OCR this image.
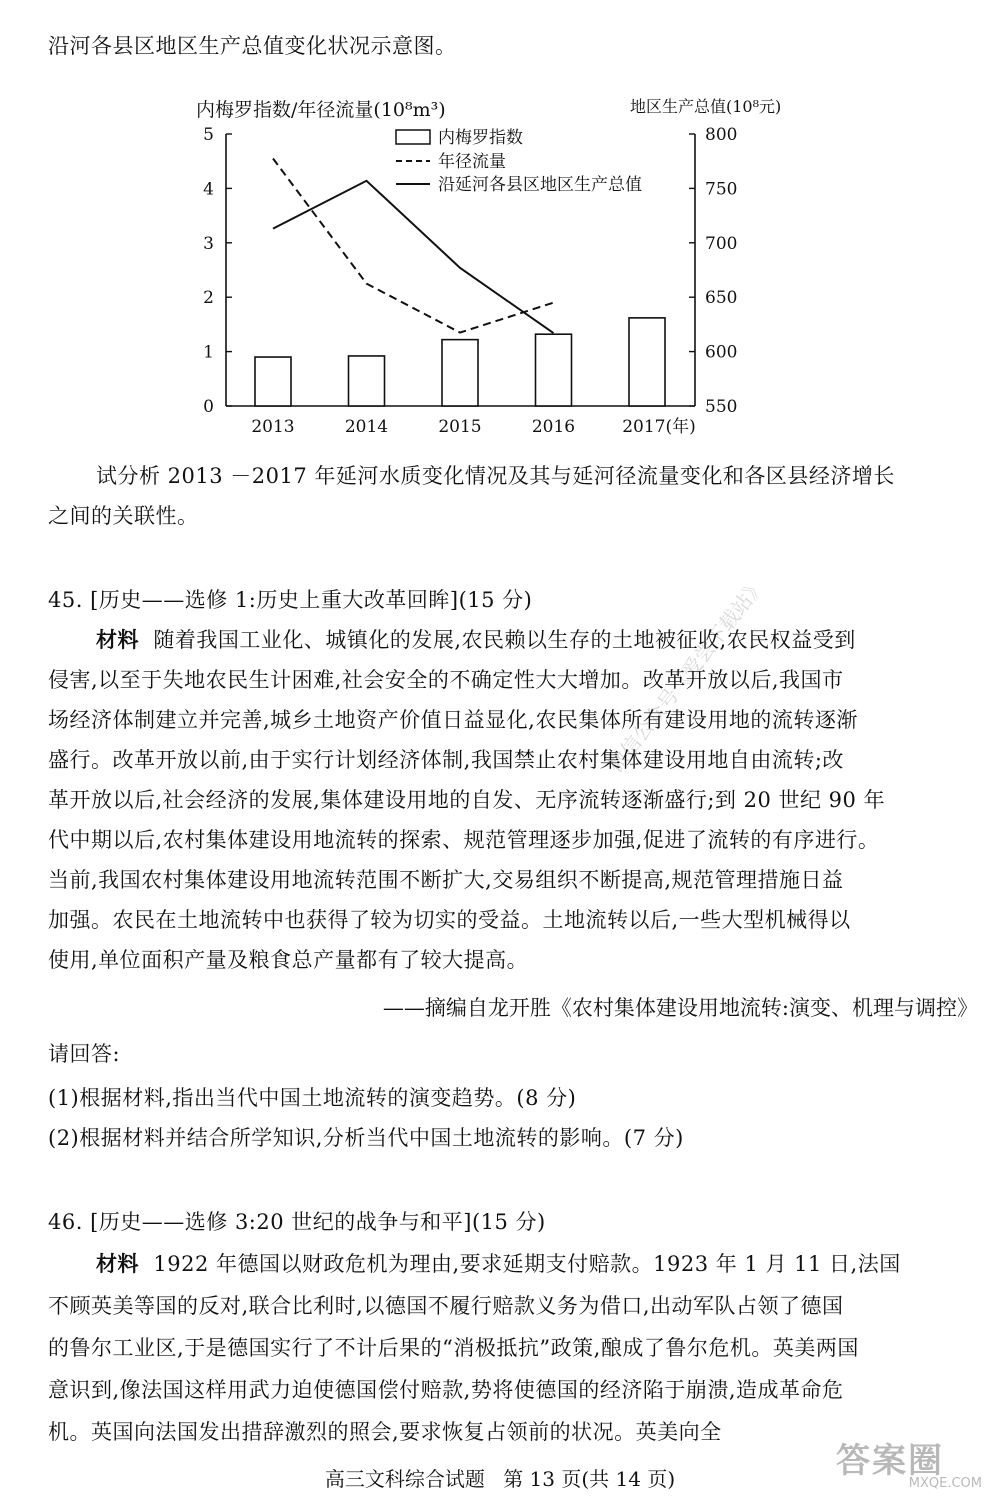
沿河各县区地区生产总值变化状况示意图。
0
1
2
3
4
5
550
600
650
700
750
800
2013	2014	2015	2016	2017(年)
内梅罗指数/年径流量(10⁸m³)	地区生产总值(10⁸元)
内梅罗指数
年径流量
沿延河各县区地区生产总值
试分析 2013 －2017 年延河水质变化情况及其与延河径流量变化和各区县经济增长
之间的关联性。
45. [历史——选修 1:历史上重大改革回眸](15 分)
材料 随着我国工业化、城镇化的发展,农民赖以生存的土地被征收,农民权益受到
侵害,以至于失地农民生计困难,社会安全的不确定性大大增加。改革开放以后,我国市
场经济体制建立并完善,城乡土地资产价值日益显化,农民集体所有建设用地的流转逐渐
盛行。改革开放以前,由于实行计划经济体制,我国禁止农村集体建设用地自由流转;改
革开放以后,社会经济的发展,集体建设用地的自发、无序流转逐渐盛行;到 20 世纪 90 年
代中期以后,农村集体建设用地流转的探索、规范管理逐步加强,促进了流转的有序进行。
当前,我国农村集体建设用地流转范围不断扩大,交易组织不断提高,规范管理措施日益
加强。农民在土地流转中也获得了较为切实的受益。土地流转以后,一些大型机械得以
使用,单位面积产量及粮食总产量都有了较大提高。
——摘编自龙开胜《农村集体建设用地流转:演变、机理与调控》
请回答:
(1)根据材料,指出当代中国土地流转的演变趋势。(8 分)
(2)根据材料并结合所学知识,分析当代中国土地流转的影响。(7 分)
46. [历史——选修 3:20 世纪的战争与和平](15 分)
材料 1922 年德国以财政危机为理由,要求延期支付赔款。1923 年 1 月 11 日,法国
不顾英美等国的反对,联合比利时,以德国不履行赔款义务为借口,出动军队占领了德国
的鲁尔工业区,于是德国实行了不计后果的“消极抵抗”政策,酿成了鲁尔危机。英美两国
意识到,像法国这样用武力迫使德国偿付赔款,势将使德国的经济陷于崩溃,造成革命危
机。英国向法国发出措辞激烈的照会,要求恢复占领前的状况。英美向全
高三文科综合试题 第 13 页(共 14 页)
微信公众号《爱尝下载站》
答案圈
MXQE.COM
